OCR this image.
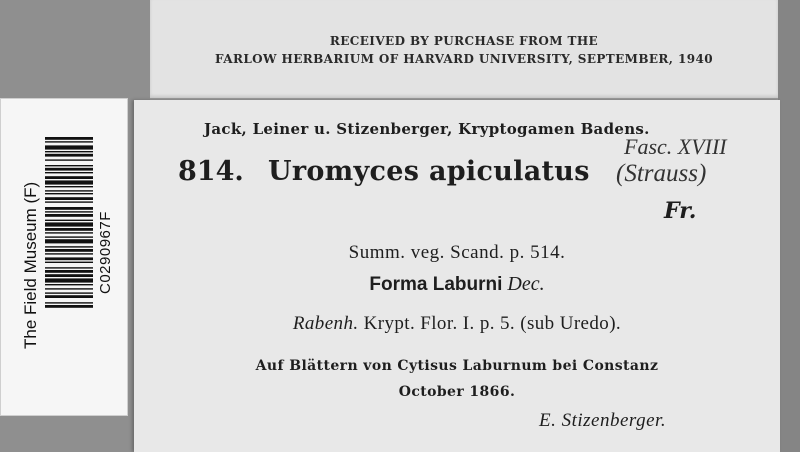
RECEIVED BY PURCHASE FROM THE
FARLOW HERBARIUM OF HARVARD UNIVERSITY, SEPTEMBER, 1940
Jack, Leiner u. Stizenberger, Kryptogamen Badens.
Fasc. XVIII
814. Uromyces apiculatus (Strauss)
Fr.
Summ. veg. Scand. p. 514.
Forma Laburni Dec.
Rabenh. Krypt. Flor. I. p. 5. (sub Uredo).
Auf Blättern von Cytisus Laburnum bei Constanz
October 1866.
E. Stizenberger.
The Field Museum (F)	C0290967F
